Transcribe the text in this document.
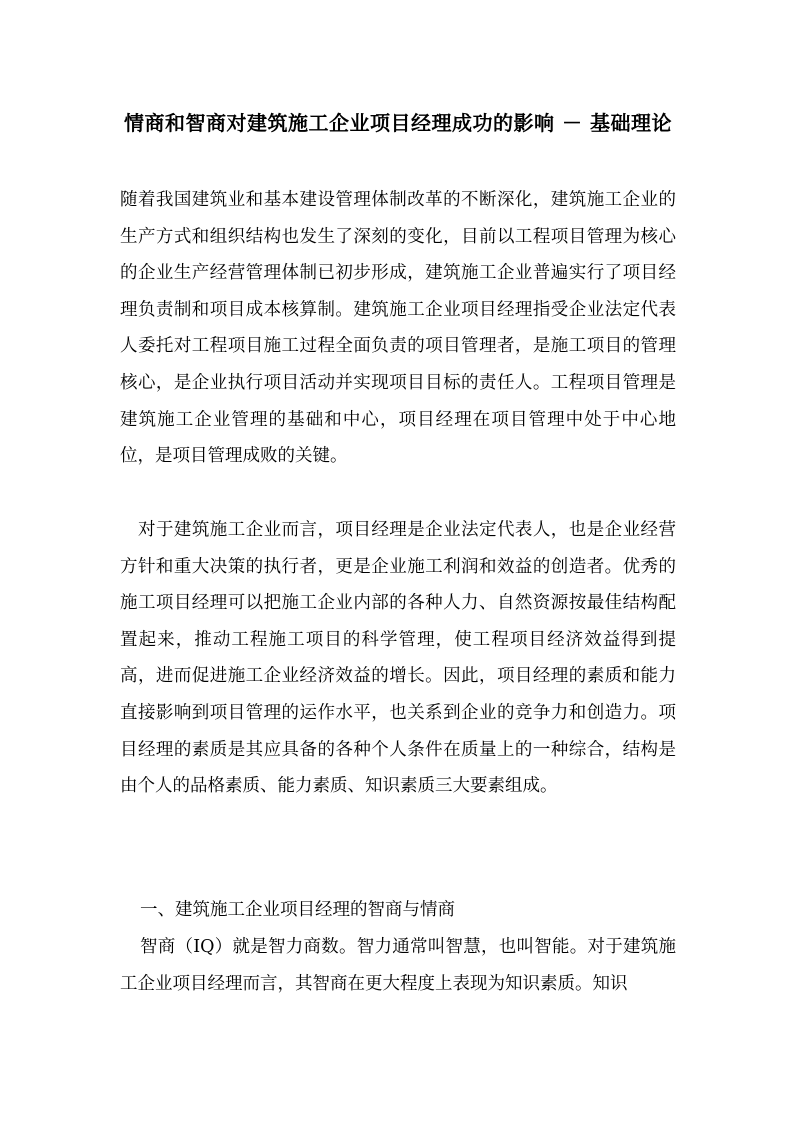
情商和智商对建筑施工企业项目经理成功的影响 － 基础理论
随着我国建筑业和基本建设管理体制改革的不断深化，建筑施工企业的生产方式和组织结构也发生了深刻的变化，目前以工程项目管理为核心的企业生产经营管理体制已初步形成，建筑施工企业普遍实行了项目经理负责制和项目成本核算制。建筑施工企业项目经理指受企业法定代表人委托对工程项目施工过程全面负责的项目管理者，是施工项目的管理核心，是企业执行项目活动并实现项目目标的责任人。工程项目管理是建筑施工企业管理的基础和中心，项目经理在项目管理中处于中心地位，是项目管理成败的关键。
对于建筑施工企业而言，项目经理是企业法定代表人，也是企业经营方针和重大决策的执行者，更是企业施工利润和效益的创造者。优秀的施工项目经理可以把施工企业内部的各种人力、自然资源按最佳结构配置起来，推动工程施工项目的科学管理，使工程项目经济效益得到提高，进而促进施工企业经济效益的增长。因此，项目经理的素质和能力直接影响到项目管理的运作水平，也关系到企业的竞争力和创造力。项目经理的素质是其应具备的各种个人条件在质量上的一种综合，结构是由个人的品格素质、能力素质、知识素质三大要素组成。
一、建筑施工企业项目经理的智商与情商
智商（IQ）就是智力商数。智力通常叫智慧，也叫智能。对于建筑施工企业项目经理而言，其智商在更大程度上表现为知识素质。知识
